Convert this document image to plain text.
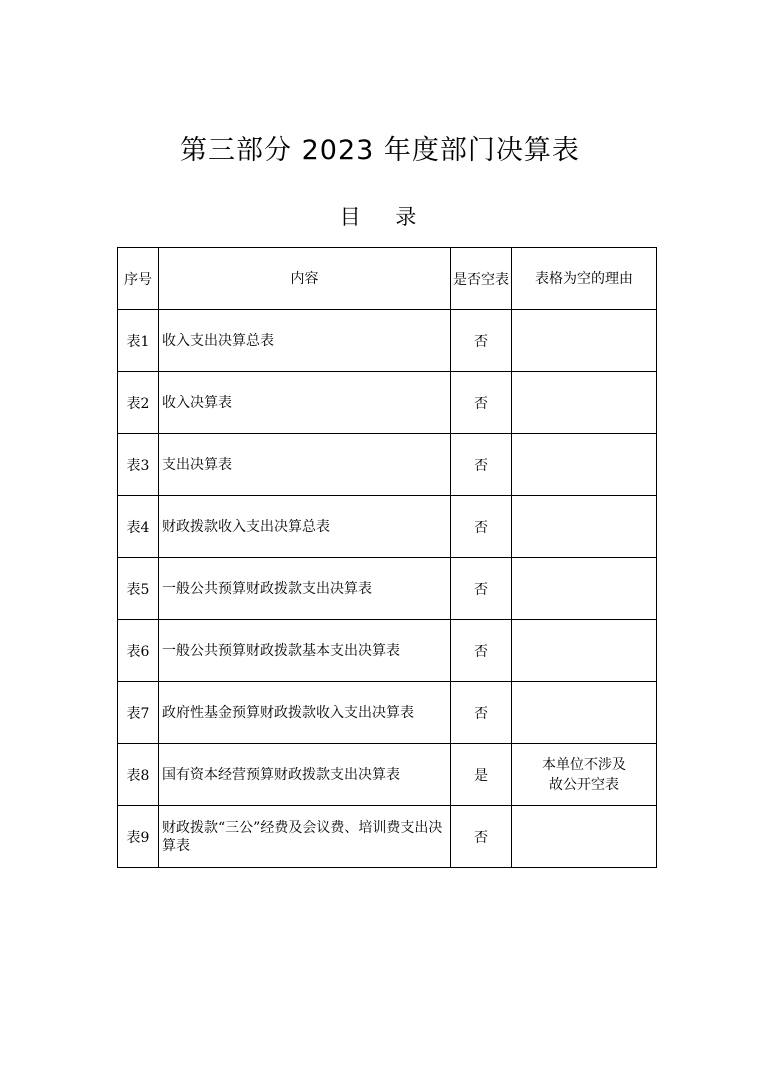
第三部分 2023 年度部门决算表
目 录
序号	内容	是否空表	表格为空的理由
表1	收入支出决算总表	否	
表2	收入决算表	否	
表3	支出决算表	否	
表4	财政拨款收入支出决算总表	否	
表5	一般公共预算财政拨款支出决算表	否	
表6	一般公共预算财政拨款基本支出决算表	否	
表7	政府性基金预算财政拨款收入支出决算表	否	
表8	国有资本经营预算财政拨款支出决算表	是	本单位不涉及故公开空表
表9	财政拨款“三公”经费及会议费、培训费支出决算表	否	
